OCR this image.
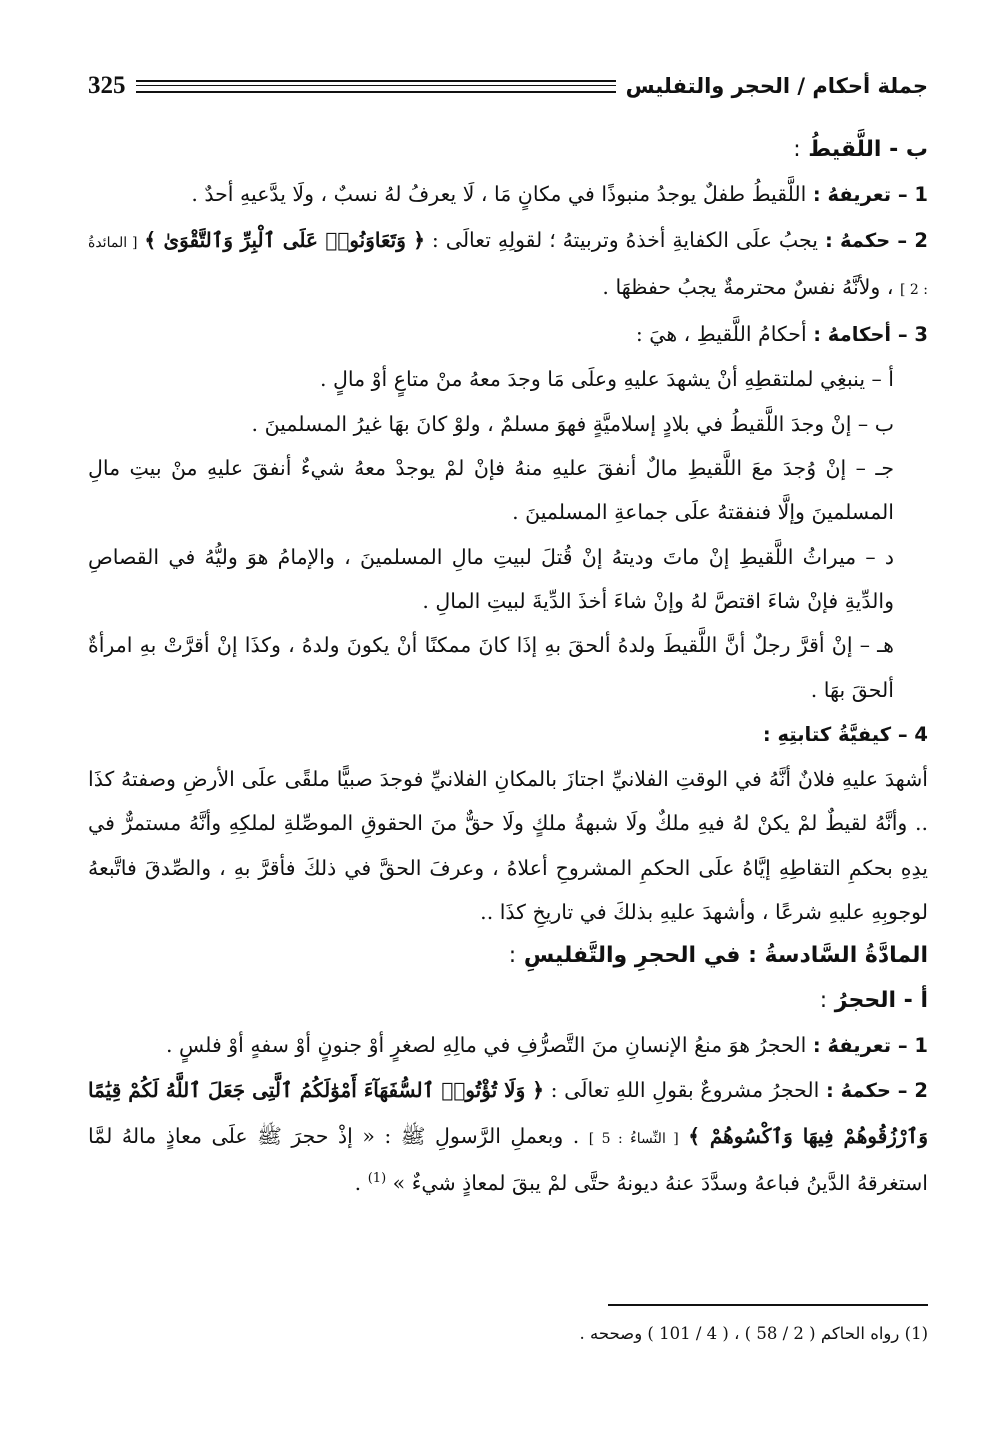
جملة أحكام / الحجر والتفليس
325

ب - اللَّقيطُ :

1 – تعريفهُ : اللَّقيطُ طفلٌ يوجدُ منبوذًا في مكانٍ مَا ، لَا يعرفُ لهُ نسبٌ ، ولَا يدَّعيهِ أحدٌ .

2 – حكمهُ : يجبُ علَى الكفايةِ أخذهُ وتربيتهُ ؛ لقولِهِ تعالَى : ﴿ وَتَعَاوَنُوا۟ عَلَى ٱلْبِرِّ وَٱلتَّقْوَىٰ ﴾ [ المائدةُ : 2 ] ، ولأنَّهُ نفسٌ محترمةٌ يجبُ حفظهَا .

3 – أحكامهُ : أحكامُ اللَّقيطِ ، هيَ :

أ – ينبغِي لملتقطِهِ أنْ يشهدَ عليهِ وعلَى مَا وجدَ معهُ منْ متاعٍ أوْ مالٍ .

ب – إنْ وجدَ اللَّقيطُ في بلادٍ إسلاميَّةٍ فهوَ مسلمٌ ، ولوْ كانَ بهَا غيرُ المسلمينَ .

جـ – إنْ وُجدَ معَ اللَّقيطِ مالٌ أنفقَ عليهِ منهُ فإنْ لمْ يوجدْ معهُ شيءٌ أنفقَ عليهِ منْ بيتِ مالِ المسلمينَ وإلَّا فنفقتهُ علَى جماعةِ المسلمينَ .

د – ميراثُ اللَّقيطِ إنْ ماتَ وديتهُ إنْ قُتلَ لبيتِ مالِ المسلمينَ ، والإمامُ هوَ وليُّهُ في القصاصِ والدِّيةِ فإنْ شاءَ اقتصَّ لهُ وإنْ شاءَ أخذَ الدِّيةَ لبيتِ المالِ .

هـ – إنْ أقرَّ رجلٌ أنَّ اللَّقيطَ ولدهُ ألحقَ بهِ إذَا كانَ ممكنًا أنْ يكونَ ولدهُ ، وكذَا إنْ أقرَّتْ بهِ امرأةٌ ألحقَ بهَا .

4 – كيفيَّةُ كتابتِهِ :

أشهدَ عليهِ فلانٌ أنَّهُ في الوقتِ الفلانيِّ اجتازَ بالمكانِ الفلانيِّ فوجدَ صبيًّا ملقًى علَى الأرضِ وصفتهُ كذَا .. وأنَّهُ لقيطٌ لمْ يكنْ لهُ فيهِ ملكٌ ولَا شبهةُ ملكٍ ولَا حقٌّ منَ الحقوقِ الموصِّلةِ لملكِهِ وأنَّهُ مستمرٌّ في يدِهِ بحكمِ التقاطِهِ إيَّاهُ علَى الحكمِ المشروحِ أعلاهُ ، وعرفَ الحقَّ في ذلكَ فأقرَّ بهِ ، والصِّدقَ فاتَّبعهُ لوجوبِهِ عليهِ شرعًا ، وأشهدَ عليهِ بذلكَ في تاريخِ كذَا ..

المادَّةُ السَّادسةُ : في الحجرِ والتَّفليسِ :

أ - الحجرُ :

1 – تعريفهُ : الحجرُ هوَ منعُ الإنسانِ منَ التَّصرُّفِ في مالِهِ لصغرٍ أوْ جنونٍ أوْ سفهٍ أوْ فلسٍ .

2 – حكمهُ : الحجرُ مشروعٌ بقولِ اللهِ تعالَى : ﴿ وَلَا تُؤْتُوا۟ ٱلسُّفَهَآءَ أَمْوَٰلَكُمُ ٱلَّتِى جَعَلَ ٱللَّهُ لَكُمْ قِيَٰمًا وَٱرْزُقُوهُمْ فِيهَا وَٱكْسُوهُمْ ﴾ [ النِّساءُ : 5 ] . وبعملِ الرَّسولِ ﷺ : « إذْ حجرَ ﷺ علَى معاذٍ مالهُ لمَّا استغرقهُ الدَّينُ فباعهُ وسدَّدَ عنهُ ديونهُ حتَّى لمْ يبقَ لمعاذٍ شيءٌ » $^{(1)}$ .

(1) رواه الحاكم ( 2 / 58 ) ، ( 4 / 101 ) وصححه .
